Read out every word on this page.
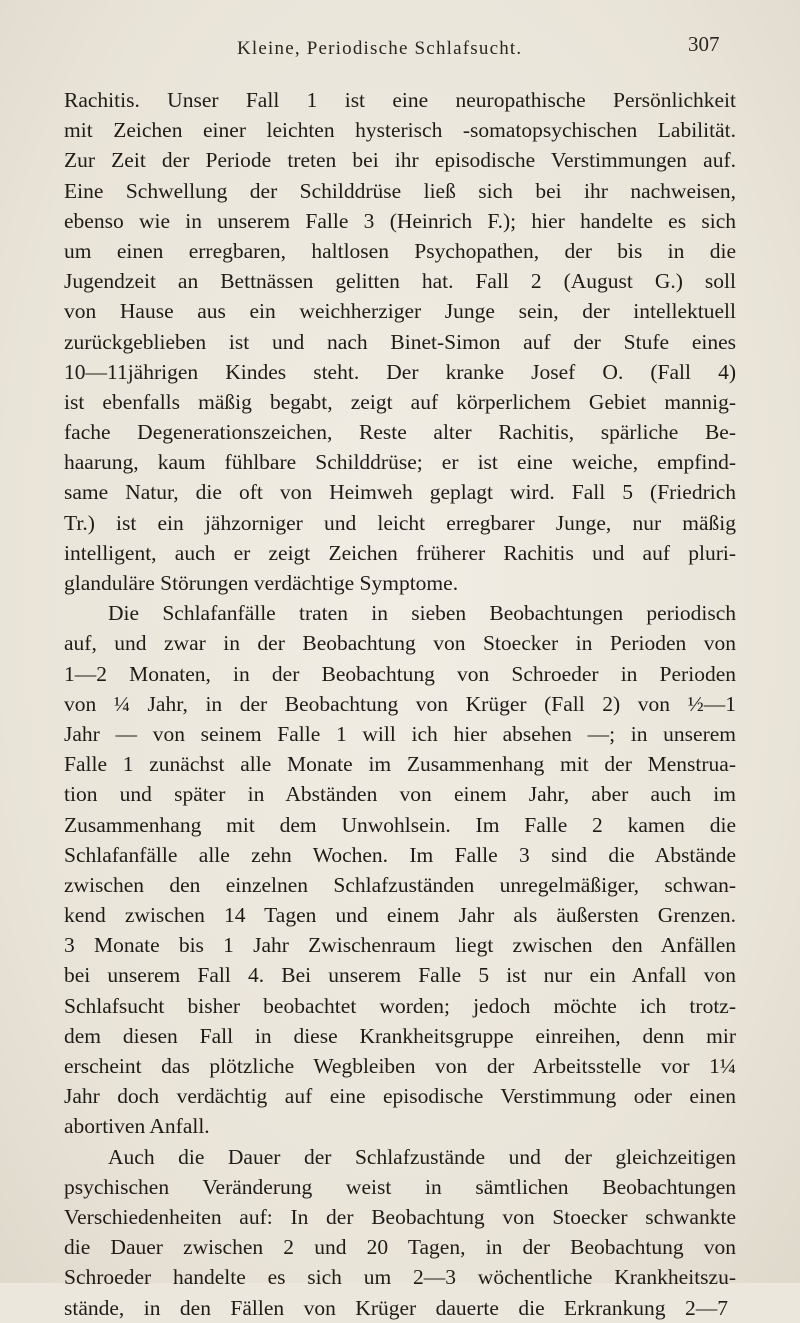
Kleine, Periodische Schlafsucht.	307
Rachitis. Unser Fall 1 ist eine neuropathische Persönlichkeit
mit Zeichen einer leichten hysterisch -somatopsychischen Labilität.
Zur Zeit der Periode treten bei ihr episodische Verstimmungen auf.
Eine Schwellung der Schilddrüse ließ sich bei ihr nachweisen,
ebenso wie in unserem Falle 3 (Heinrich F.); hier handelte es sich
um einen erregbaren, haltlosen Psychopathen, der bis in die
Jugendzeit an Bettnässen gelitten hat. Fall 2 (August G.) soll
von Hause aus ein weichherziger Junge sein, der intellektuell
zurückgeblieben ist und nach Binet-Simon auf der Stufe eines
10—11jährigen Kindes steht. Der kranke Josef O. (Fall 4)
ist ebenfalls mäßig begabt, zeigt auf körperlichem Gebiet mannig-
fache Degenerationszeichen, Reste alter Rachitis, spärliche Be-
haarung, kaum fühlbare Schilddrüse; er ist eine weiche, empfind-
same Natur, die oft von Heimweh geplagt wird. Fall 5 (Friedrich
Tr.) ist ein jähzorniger und leicht erregbarer Junge, nur mäßig
intelligent, auch er zeigt Zeichen früherer Rachitis und auf pluri-
glanduläre Störungen verdächtige Symptome.
Die Schlafanfälle traten in sieben Beobachtungen periodisch
auf, und zwar in der Beobachtung von Stoecker in Perioden von
1—2 Monaten, in der Beobachtung von Schroeder in Perioden
von ¼ Jahr, in der Beobachtung von Krüger (Fall 2) von ½—1
Jahr — von seinem Falle 1 will ich hier absehen —; in unserem
Falle 1 zunächst alle Monate im Zusammenhang mit der Menstrua-
tion und später in Abständen von einem Jahr, aber auch im
Zusammenhang mit dem Unwohlsein. Im Falle 2 kamen die
Schlafanfälle alle zehn Wochen. Im Falle 3 sind die Abstände
zwischen den einzelnen Schlafzuständen unregelmäßiger, schwan-
kend zwischen 14 Tagen und einem Jahr als äußersten Grenzen.
3 Monate bis 1 Jahr Zwischenraum liegt zwischen den Anfällen
bei unserem Fall 4. Bei unserem Falle 5 ist nur ein Anfall von
Schlafsucht bisher beobachtet worden; jedoch möchte ich trotz-
dem diesen Fall in diese Krankheitsgruppe einreihen, denn mir
erscheint das plötzliche Wegbleiben von der Arbeitsstelle vor 1¼
Jahr doch verdächtig auf eine episodische Verstimmung oder einen
abortiven Anfall.
Auch die Dauer der Schlafzustände und der gleichzeitigen
psychischen Veränderung weist in sämtlichen Beobachtungen
Verschiedenheiten auf: In der Beobachtung von Stoecker schwankte
die Dauer zwischen 2 und 20 Tagen, in der Beobachtung von
Schroeder handelte es sich um 2—3 wöchentliche Krankheitszu-
stände, in den Fällen von Krüger dauerte die Erkrankung 2—7
